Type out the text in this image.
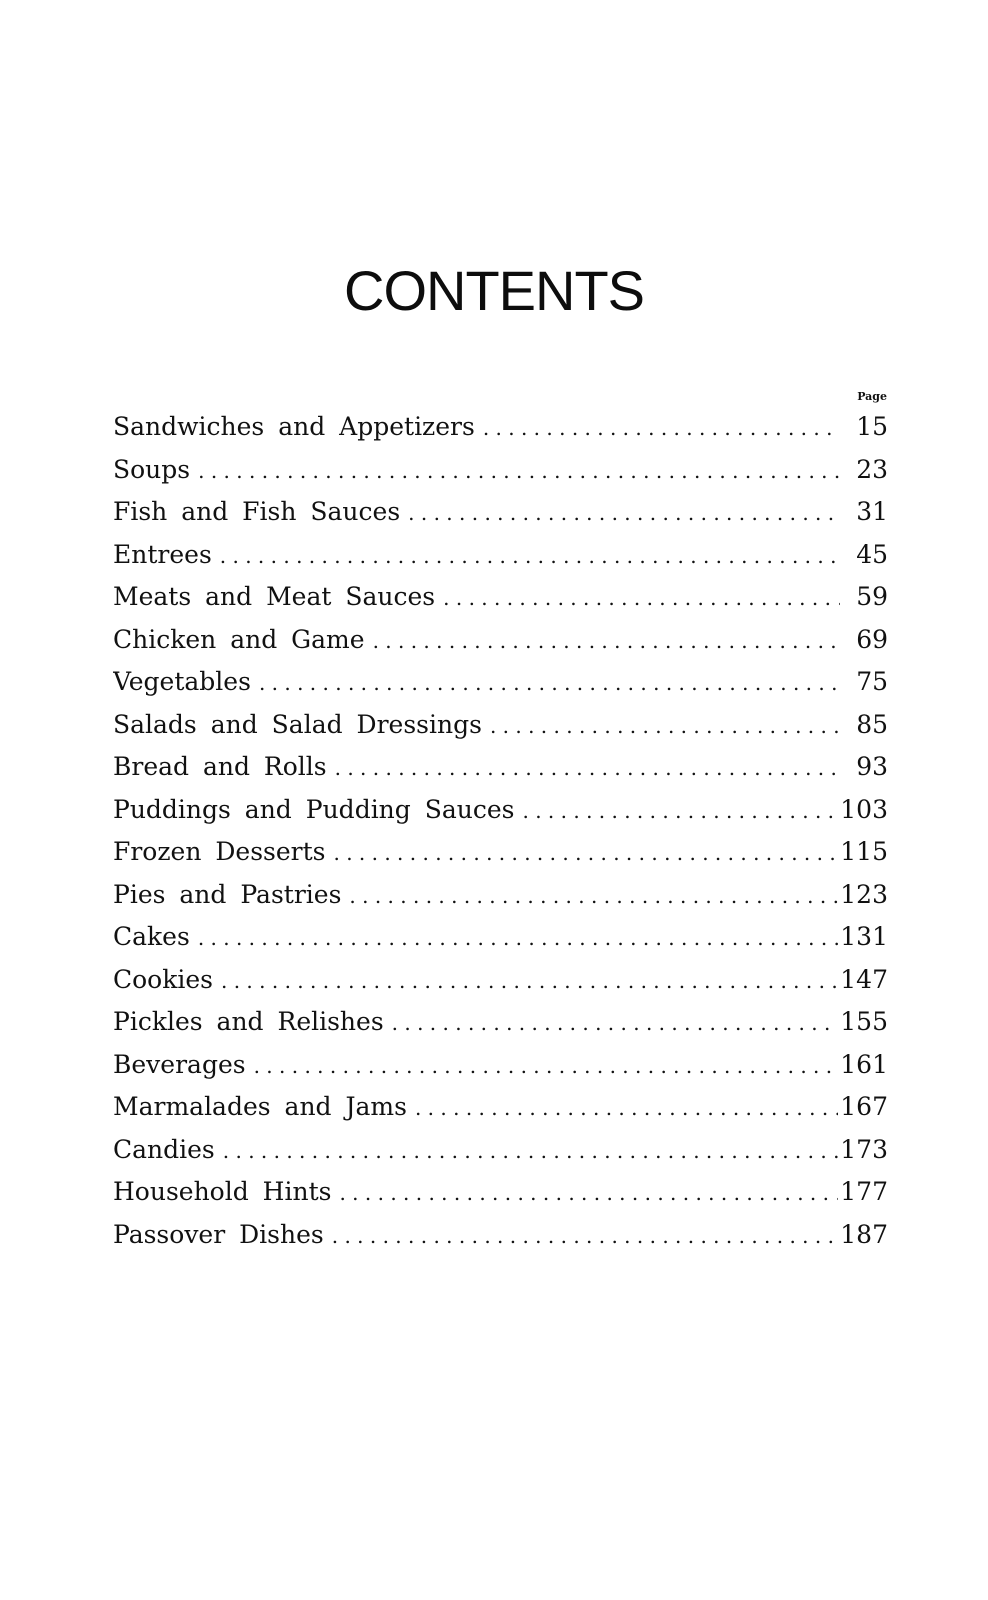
CONTENTS
Page
Sandwiches and Appetizers . . .	15
Soups . . .	23
Fish and Fish Sauces . . .	31
Entrees . . .	45
Meats and Meat Sauces . . .	59
Chicken and Game . . .	69
Vegetables . . .	75
Salads and Salad Dressings . . .	85
Bread and Rolls . . .	93
Puddings and Pudding Sauces . . .	103
Frozen Desserts . . .	115
Pies and Pastries . . .	123
Cakes . . .	131
Cookies . . .	147
Pickles and Relishes . . .	155
Beverages . . .	161
Marmalades and Jams . . .	167
Candies . . .	173
Household Hints . . .	177
Passover Dishes . . .	187
